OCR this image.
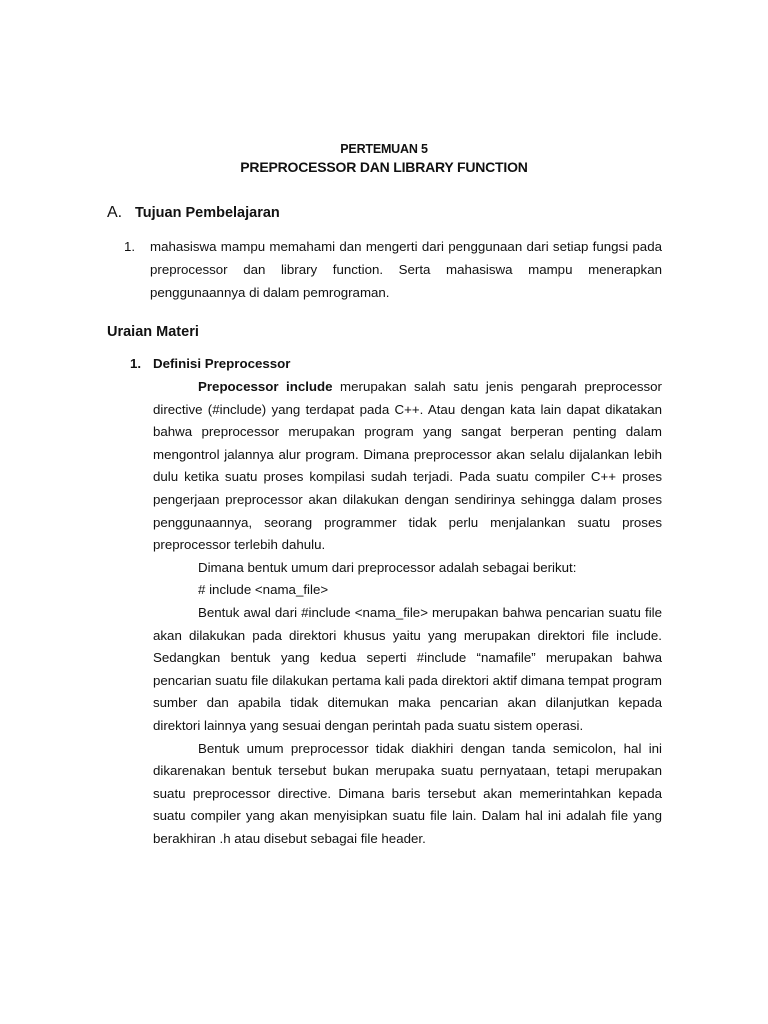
PERTEMUAN 5
PREPROCESSOR DAN LIBRARY FUNCTION
A. Tujuan Pembelajaran
1. mahasiswa mampu memahami dan mengerti dari penggunaan dari setiap fungsi pada preprocessor dan library function. Serta mahasiswa mampu menerapkan penggunaannya di dalam pemrograman.
Uraian Materi
1. Definisi Preprocessor

Prepocessor include merupakan salah satu jenis pengarah preprocessor directive (#include) yang terdapat pada C++. Atau dengan kata lain dapat dikatakan bahwa preprocessor merupakan program yang sangat berperan penting dalam mengontrol jalannya alur program. Dimana preprocessor akan selalu dijalankan lebih dulu ketika suatu proses kompilasi sudah terjadi. Pada suatu compiler C++ proses pengerjaan preprocessor akan dilakukan dengan sendirinya sehingga dalam proses penggunaannya, seorang programmer tidak perlu menjalankan suatu proses preprocessor terlebih dahulu.

Dimana bentuk umum dari preprocessor adalah sebagai berikut:

# include <nama_file>

Bentuk awal dari #include <nama_file> merupakan bahwa pencarian suatu file akan dilakukan pada direktori khusus yaitu yang merupakan direktori file include. Sedangkan bentuk yang kedua seperti #include “namafile” merupakan bahwa pencarian suatu file dilakukan pertama kali pada direktori aktif dimana tempat program sumber dan apabila tidak ditemukan maka pencarian akan dilanjutkan kepada direktori lainnya yang sesuai dengan perintah pada suatu sistem operasi.

Bentuk umum preprocessor tidak diakhiri dengan tanda semicolon, hal ini dikarenakan bentuk tersebut bukan merupaka suatu pernyataan, tetapi merupakan suatu preprocessor directive. Dimana baris tersebut akan memerintahkan kepada suatu compiler yang akan menyisipkan suatu file lain. Dalam hal ini adalah file yang berakhiran .h atau disebut sebagai file header.
